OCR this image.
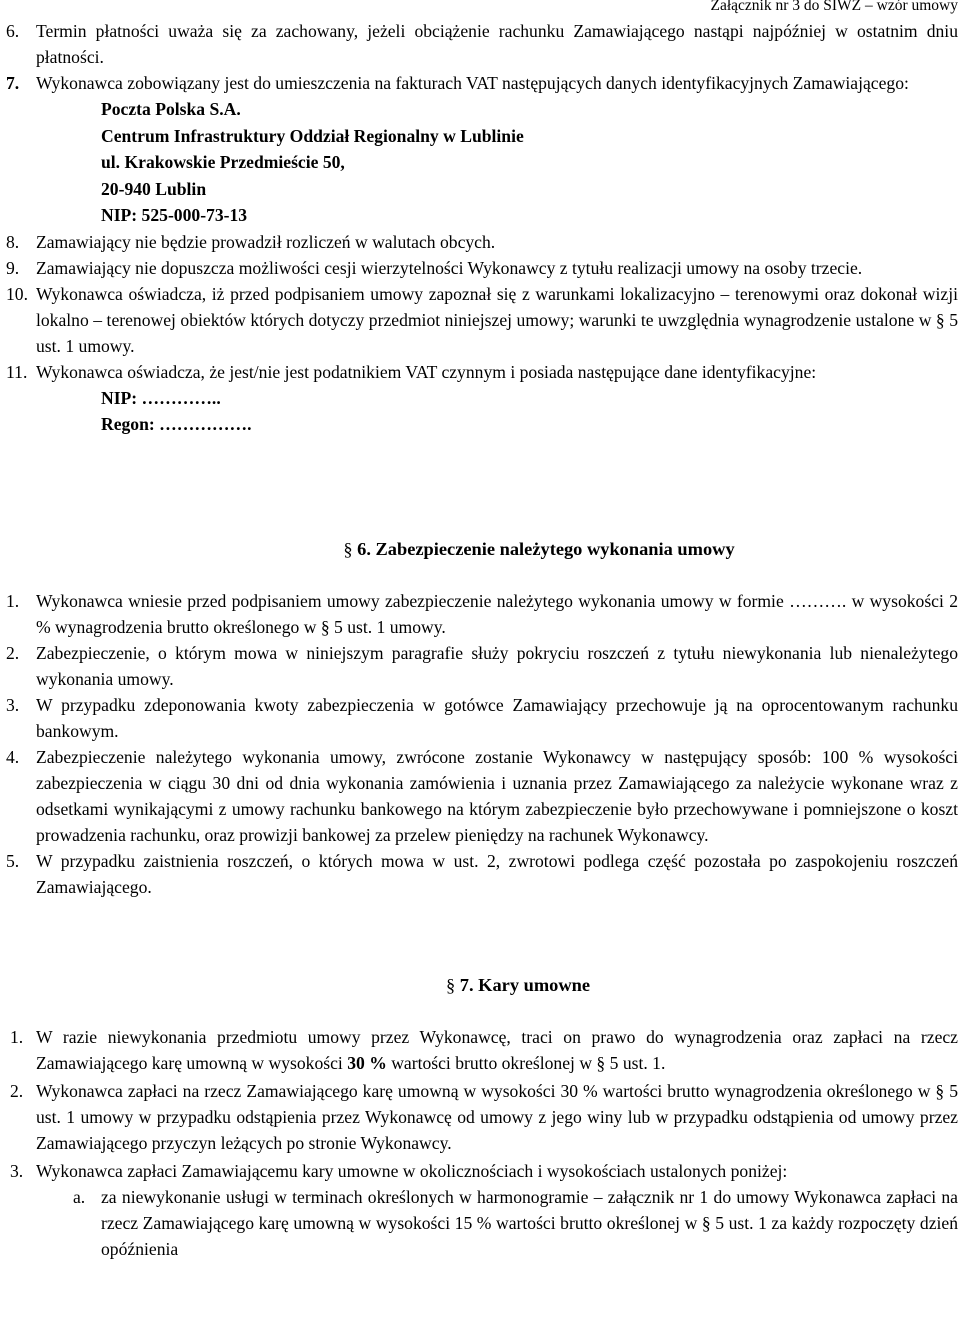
Załącznik nr 3 do SIWZ – wzór umowy
6. Termin płatności uważa się za zachowany, jeżeli obciążenie rachunku Zamawiającego nastąpi najpóźniej w ostatnim dniu płatności.
7. Wykonawca zobowiązany jest do umieszczenia na fakturach VAT następujących danych identyfikacyjnych Zamawiającego:
Poczta Polska S.A.
Centrum Infrastruktury Oddział Regionalny w Lublinie
ul. Krakowskie Przedmieście 50,
20-940 Lublin
NIP: 525-000-73-13
8. Zamawiający nie będzie prowadził rozliczeń w walutach obcych.
9. Zamawiający nie dopuszcza możliwości cesji wierzytelności Wykonawcy z tytułu realizacji umowy na osoby trzecie.
10. Wykonawca oświadcza, iż przed podpisaniem umowy zapoznał się z warunkami lokalizacyjno – terenowymi oraz dokonał wizji lokalno – terenowej obiektów których dotyczy przedmiot niniejszej umowy; warunki te uwzględnia wynagrodzenie ustalone w § 5 ust. 1 umowy.
11. Wykonawca oświadcza, że jest/nie jest podatnikiem VAT czynnym i posiada następujące dane identyfikacyjne:
NIP: …………..
Regon: …………….
§ 6. Zabezpieczenie należytego wykonania umowy
1. Wykonawca wniesie przed podpisaniem umowy zabezpieczenie należytego wykonania umowy w formie ………. w wysokości 2 % wynagrodzenia brutto określonego w § 5 ust. 1 umowy.
2. Zabezpieczenie, o którym mowa w niniejszym paragrafie służy pokryciu roszczeń z tytułu niewykonania lub nienależytego wykonania umowy.
3. W przypadku zdeponowania kwoty zabezpieczenia w gotówce Zamawiający przechowuje ją na oprocentowanym rachunku bankowym.
4. Zabezpieczenie należytego wykonania umowy, zwrócone zostanie Wykonawcy w następujący sposób: 100 % wysokości zabezpieczenia w ciągu 30 dni od dnia wykonania zamówienia i uznania przez Zamawiającego za należycie wykonane wraz z odsetkami wynikającymi z umowy rachunku bankowego na którym zabezpieczenie było przechowywane i pomniejszone o koszt prowadzenia rachunku, oraz prowizji bankowej za przelew pieniędzy na rachunek Wykonawcy.
5. W przypadku zaistnienia roszczeń, o których mowa w ust. 2, zwrotowi podlega część pozostała po zaspokojeniu roszczeń Zamawiającego.
§ 7. Kary umowne
1. W razie niewykonania przedmiotu umowy przez Wykonawcę, traci on prawo do wynagrodzenia oraz zapłaci na rzecz Zamawiającego karę umowną w wysokości 30 % wartości brutto określonej w § 5 ust. 1.
2. Wykonawca zapłaci na rzecz Zamawiającego karę umowną w wysokości 30 % wartości brutto wynagrodzenia określonego w § 5 ust. 1 umowy w przypadku odstąpienia przez Wykonawcę od umowy z jego winy lub w przypadku odstąpienia od umowy przez Zamawiającego przyczyn leżących po stronie Wykonawcy.
3. Wykonawca zapłaci Zamawiającemu kary umowne w okolicznościach i wysokościach ustalonych poniżej:
a. za niewykonanie usługi w terminach określonych w harmonogramie – załącznik nr 1 do umowy Wykonawca zapłaci na rzecz Zamawiającego karę umowną w wysokości 15 % wartości brutto określonej w § 5 ust. 1 za każdy rozpoczęty dzień opóźnienia
